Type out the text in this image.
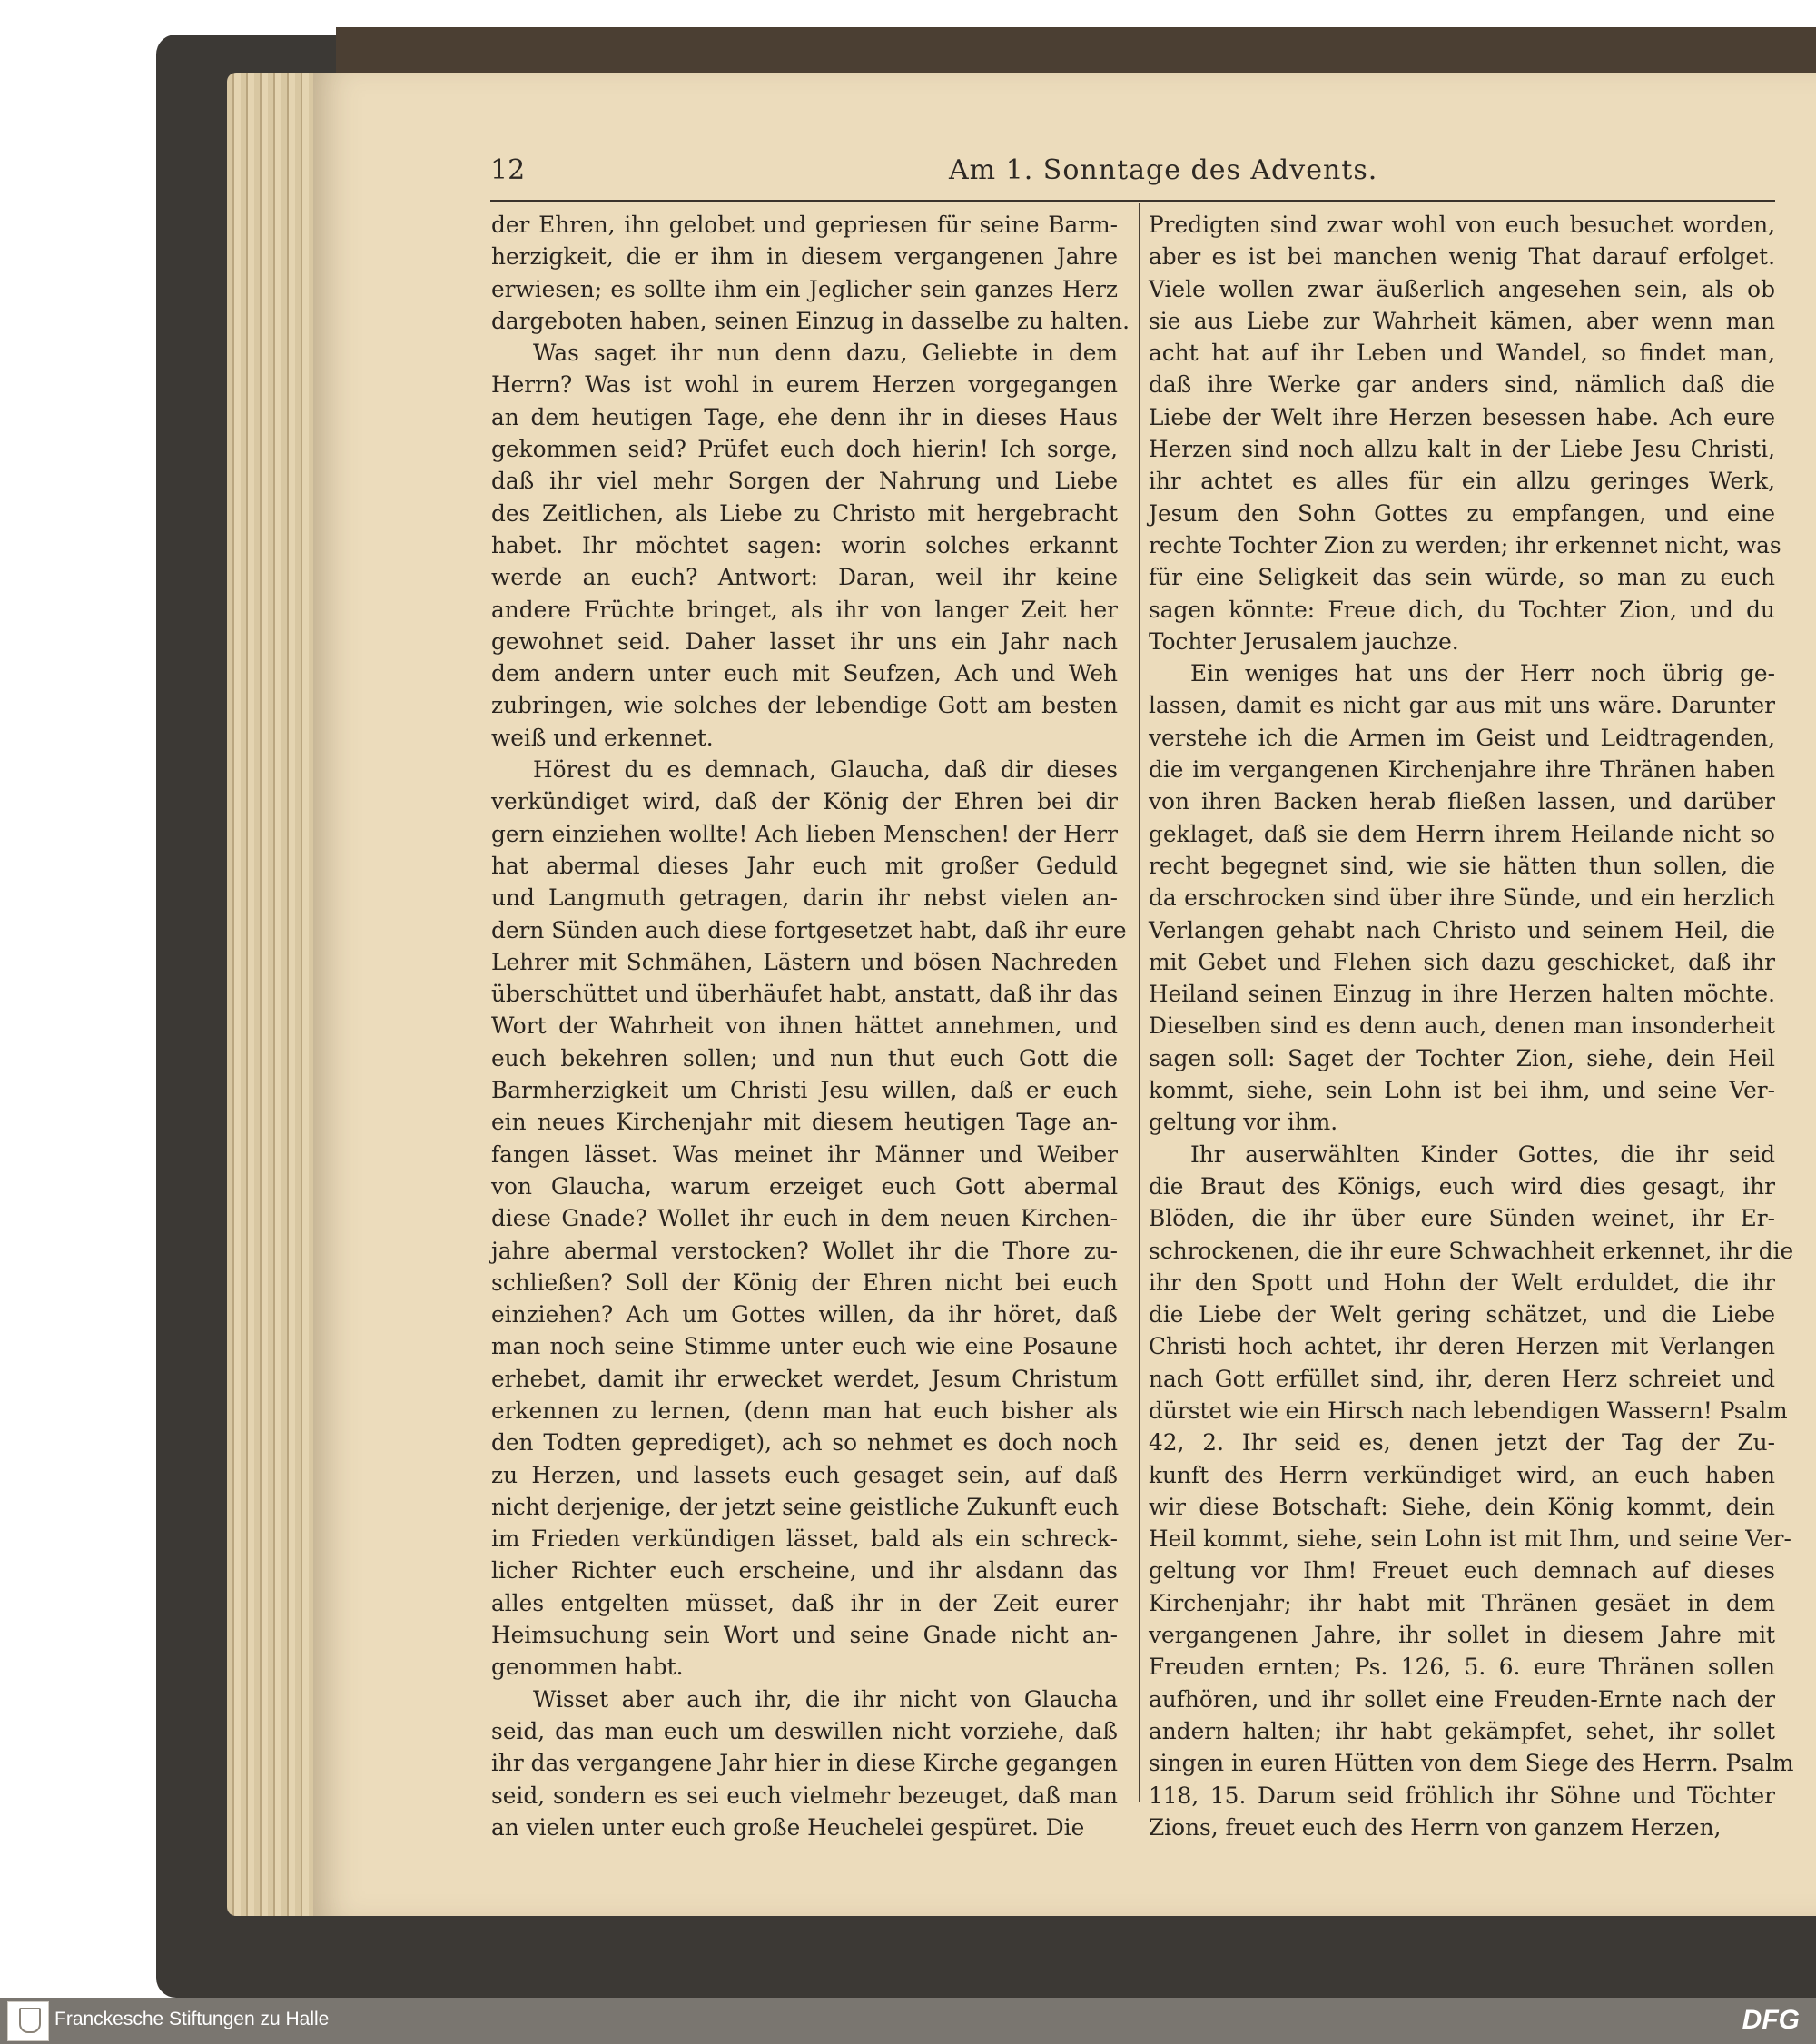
12	Am 1. Sonntage des Advents.
der Ehren, ihn gelobet und gepriesen für seine Barm-
herzigkeit, die er ihm in diesem vergangenen Jahre
erwiesen; es sollte ihm ein Jeglicher sein ganzes Herz
dargeboten haben, seinen Einzug in dasselbe zu halten.
Was saget ihr nun denn dazu, Geliebte in dem
Herrn? Was ist wohl in eurem Herzen vorgegangen
an dem heutigen Tage, ehe denn ihr in dieses Haus
gekommen seid? Prüfet euch doch hierin! Ich sorge,
daß ihr viel mehr Sorgen der Nahrung und Liebe
des Zeitlichen, als Liebe zu Christo mit hergebracht
habet. Ihr möchtet sagen: worin solches erkannt
werde an euch? Antwort: Daran, weil ihr keine
andere Früchte bringet, als ihr von langer Zeit her
gewohnet seid. Daher lasset ihr uns ein Jahr nach
dem andern unter euch mit Seufzen, Ach und Weh
zubringen, wie solches der lebendige Gott am besten
weiß und erkennet.
Hörest du es demnach, Glaucha, daß dir dieses
verkündiget wird, daß der König der Ehren bei dir
gern einziehen wollte! Ach lieben Menschen! der Herr
hat abermal dieses Jahr euch mit großer Geduld
und Langmuth getragen, darin ihr nebst vielen an-
dern Sünden auch diese fortgesetzet habt, daß ihr eure
Lehrer mit Schmähen, Lästern und bösen Nachreden
überschüttet und überhäufet habt, anstatt, daß ihr das
Wort der Wahrheit von ihnen hättet annehmen, und
euch bekehren sollen; und nun thut euch Gott die
Barmherzigkeit um Christi Jesu willen, daß er euch
ein neues Kirchenjahr mit diesem heutigen Tage an-
fangen lässet. Was meinet ihr Männer und Weiber
von Glaucha, warum erzeiget euch Gott abermal
diese Gnade? Wollet ihr euch in dem neuen Kirchen-
jahre abermal verstocken? Wollet ihr die Thore zu-
schließen? Soll der König der Ehren nicht bei euch
einziehen? Ach um Gottes willen, da ihr höret, daß
man noch seine Stimme unter euch wie eine Posaune
erhebet, damit ihr erwecket werdet, Jesum Christum
erkennen zu lernen, (denn man hat euch bisher als
den Todten geprediget), ach so nehmet es doch noch
zu Herzen, und lassets euch gesaget sein, auf daß
nicht derjenige, der jetzt seine geistliche Zukunft euch
im Frieden verkündigen lässet, bald als ein schreck-
licher Richter euch erscheine, und ihr alsdann das
alles entgelten müsset, daß ihr in der Zeit eurer
Heimsuchung sein Wort und seine Gnade nicht an-
genommen habt.
Wisset aber auch ihr, die ihr nicht von Glaucha
seid, das man euch um deswillen nicht vorziehe, daß
ihr das vergangene Jahr hier in diese Kirche gegangen
seid, sondern es sei euch vielmehr bezeuget, daß man
an vielen unter euch große Heuchelei gespüret. Die
Predigten sind zwar wohl von euch besuchet worden,
aber es ist bei manchen wenig That darauf erfolget.
Viele wollen zwar äußerlich angesehen sein, als ob
sie aus Liebe zur Wahrheit kämen, aber wenn man
acht hat auf ihr Leben und Wandel, so findet man,
daß ihre Werke gar anders sind, nämlich daß die
Liebe der Welt ihre Herzen besessen habe. Ach eure
Herzen sind noch allzu kalt in der Liebe Jesu Christi,
ihr achtet es alles für ein allzu geringes Werk,
Jesum den Sohn Gottes zu empfangen, und eine
rechte Tochter Zion zu werden; ihr erkennet nicht, was
für eine Seligkeit das sein würde, so man zu euch
sagen könnte: Freue dich, du Tochter Zion, und du
Tochter Jerusalem jauchze.
Ein weniges hat uns der Herr noch übrig ge-
lassen, damit es nicht gar aus mit uns wäre. Darunter
verstehe ich die Armen im Geist und Leidtragenden,
die im vergangenen Kirchenjahre ihre Thränen haben
von ihren Backen herab fließen lassen, und darüber
geklaget, daß sie dem Herrn ihrem Heilande nicht so
recht begegnet sind, wie sie hätten thun sollen, die
da erschrocken sind über ihre Sünde, und ein herzlich
Verlangen gehabt nach Christo und seinem Heil, die
mit Gebet und Flehen sich dazu geschicket, daß ihr
Heiland seinen Einzug in ihre Herzen halten möchte.
Dieselben sind es denn auch, denen man insonderheit
sagen soll: Saget der Tochter Zion, siehe, dein Heil
kommt, siehe, sein Lohn ist bei ihm, und seine Ver-
geltung vor ihm.
Ihr auserwählten Kinder Gottes, die ihr seid
die Braut des Königs, euch wird dies gesagt, ihr
Blöden, die ihr über eure Sünden weinet, ihr Er-
schrockenen, die ihr eure Schwachheit erkennet, ihr die
ihr den Spott und Hohn der Welt erduldet, die ihr
die Liebe der Welt gering schätzet, und die Liebe
Christi hoch achtet, ihr deren Herzen mit Verlangen
nach Gott erfüllet sind, ihr, deren Herz schreiet und
dürstet wie ein Hirsch nach lebendigen Wassern! Psalm
42, 2. Ihr seid es, denen jetzt der Tag der Zu-
kunft des Herrn verkündiget wird, an euch haben
wir diese Botschaft: Siehe, dein König kommt, dein
Heil kommt, siehe, sein Lohn ist mit Ihm, und seine Ver-
geltung vor Ihm! Freuet euch demnach auf dieses
Kirchenjahr; ihr habt mit Thränen gesäet in dem
vergangenen Jahre, ihr sollet in diesem Jahre mit
Freuden ernten; Ps. 126, 5. 6. eure Thränen sollen
aufhören, und ihr sollet eine Freuden-Ernte nach der
andern halten; ihr habt gekämpfet, sehet, ihr sollet
singen in euren Hütten von dem Siege des Herrn. Psalm
118, 15. Darum seid fröhlich ihr Söhne und Töchter
Zions, freuet euch des Herrn von ganzem Herzen,
Franckesche Stiftungen zu Halle	DFG
